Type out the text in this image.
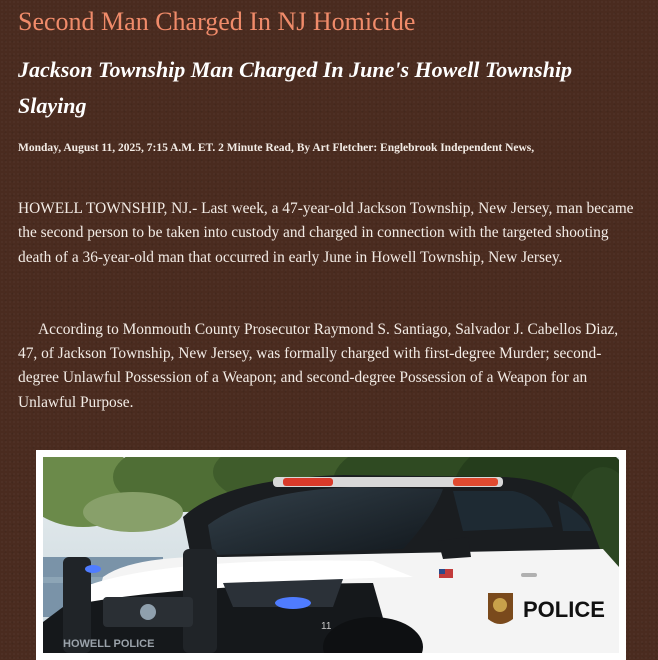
Second Man Charged In NJ Homicide
Jackson Township Man Charged In June's Howell Township Slaying

Monday, August 11, 2025, 7:15 A.M. ET. 2 Minute Read, By Art Fletcher: Englebrook Independent News,

HOWELL TOWNSHIP, NJ.- Last week, a 47-year-old Jackson Township, New Jersey, man became the second person to be taken into custody and charged in connection with the targeted shooting death of a 36-year-old man that occurred in early June in Howell Township, New Jersey.

According to Monmouth County Prosecutor Raymond S. Santiago, Salvador J. Cabellos Diaz, 47, of Jackson Township, New Jersey, was formally charged with first-degree Murder; second-degree Unlawful Possession of a Weapon; and second-degree Possession of a Weapon for an Unlawful Purpose.

POLICE
11
HOWELL POLICE
